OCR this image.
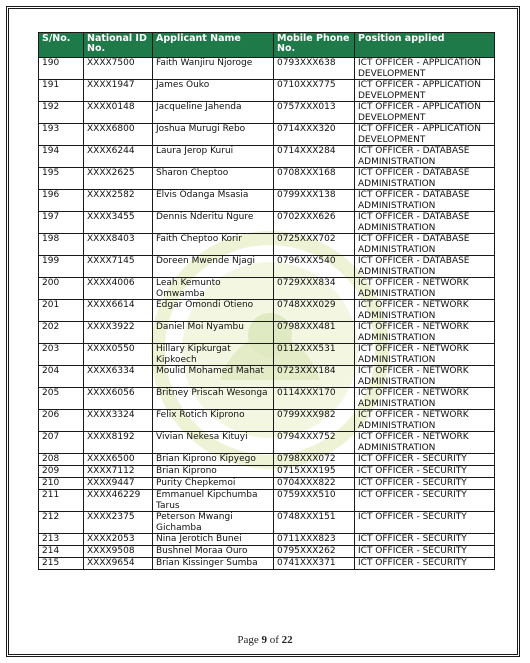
S/No.	National ID No.	Applicant Name	Mobile Phone No.	Position applied
190	XXXX7500	Faith Wanjiru Njoroge	0793XXX638	ICT OFFICER - APPLICATION DEVELOPMENT
191	XXXX1947	James Ouko	0710XXX775	ICT OFFICER - APPLICATION DEVELOPMENT
192	XXXX0148	Jacqueline Jahenda	0757XXX013	ICT OFFICER - APPLICATION DEVELOPMENT
193	XXXX6800	Joshua Murugi Rebo	0714XXX320	ICT OFFICER - APPLICATION DEVELOPMENT
194	XXXX6244	Laura Jerop Kurui	0714XXX284	ICT OFFICER - DATABASE ADMINISTRATION
195	XXXX2625	Sharon Cheptoo	0708XXX168	ICT OFFICER - DATABASE ADMINISTRATION
196	XXXX2582	Elvis Odanga Msasia	0799XXX138	ICT OFFICER - DATABASE ADMINISTRATION
197	XXXX3455	Dennis Nderitu Ngure	0702XXX626	ICT OFFICER - DATABASE ADMINISTRATION
198	XXXX8403	Faith Cheptoo Korir	0725XXX702	ICT OFFICER - DATABASE ADMINISTRATION
199	XXXX7145	Doreen Mwende Njagi	0796XXX540	ICT OFFICER - DATABASE ADMINISTRATION
200	XXXX4006	Leah Kemunto Omwamba	0729XXX834	ICT OFFICER - NETWORK ADMINISTRATION
201	XXXX6614	Edgar Omondi Otieno	0748XXX029	ICT OFFICER - NETWORK ADMINISTRATION
202	XXXX3922	Daniel Moi Nyambu	0798XXX481	ICT OFFICER - NETWORK ADMINISTRATION
203	XXXX0550	Hillary Kipkurgat Kipkoech	0112XXX531	ICT OFFICER - NETWORK ADMINISTRATION
204	XXXX6334	Moulid Mohamed Mahat	0723XXX184	ICT OFFICER - NETWORK ADMINISTRATION
205	XXXX6056	Britney Priscah Wesonga	0114XXX170	ICT OFFICER - NETWORK ADMINISTRATION
206	XXXX3324	Felix Rotich Kiprono	0799XXX982	ICT OFFICER - NETWORK ADMINISTRATION
207	XXXX8192	Vivian Nekesa Kituyi	0794XXX752	ICT OFFICER - NETWORK ADMINISTRATION
208	XXXX6500	Brian Kiprono Kipyego	0798XXX072	ICT OFFICER - SECURITY
209	XXXX7112	Brian Kiprono	0715XXX195	ICT OFFICER - SECURITY
210	XXXX9447	Purity Chepkemoi	0704XXX822	ICT OFFICER - SECURITY
211	XXXX46229	Emmanuel Kipchumba Tarus	0759XXX510	ICT OFFICER - SECURITY
212	XXXX2375	Peterson Mwangi Gichamba	0748XXX151	ICT OFFICER - SECURITY
213	XXXX2053	Nina Jerotich Bunei	0711XXX823	ICT OFFICER - SECURITY
214	XXXX9508	Bushnel Moraa Ouro	0795XXX262	ICT OFFICER - SECURITY
215	XXXX9654	Brian Kissinger Sumba	0741XXX371	ICT OFFICER - SECURITY
Page 9 of 22
